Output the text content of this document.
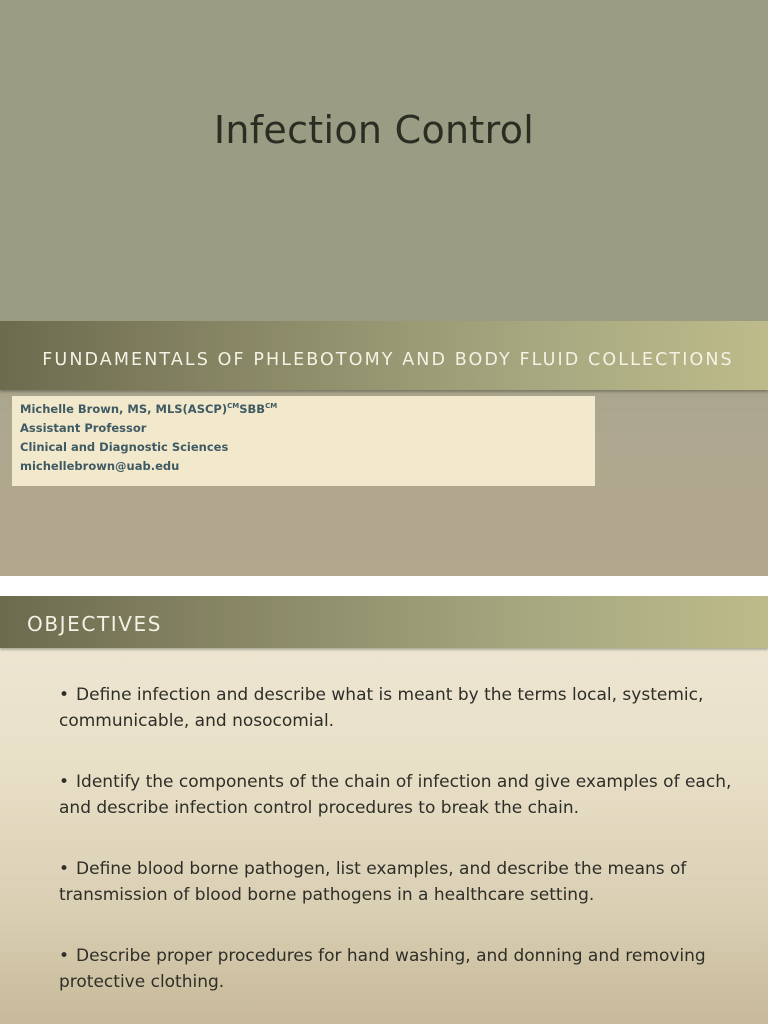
Infection Control
FUNDAMENTALS OF PHLEBOTOMY AND BODY FLUID COLLECTIONS
Michelle Brown, MS, $MLS(ASCP)^{CM}SBB^{CM}$
Assistant Professor
Clinical and Diagnostic Sciences
michellebrown@uab.edu
OBJECTIVES
• Define infection and describe what is meant by the terms local, systemic, communicable, and nosocomial.
• Identify the components of the chain of infection and give examples of each, and describe infection control procedures to break the chain.
• Define blood borne pathogen, list examples, and describe the means of transmission of blood borne pathogens in a healthcare setting.
• Describe proper procedures for hand washing, and donning and removing protective clothing.
